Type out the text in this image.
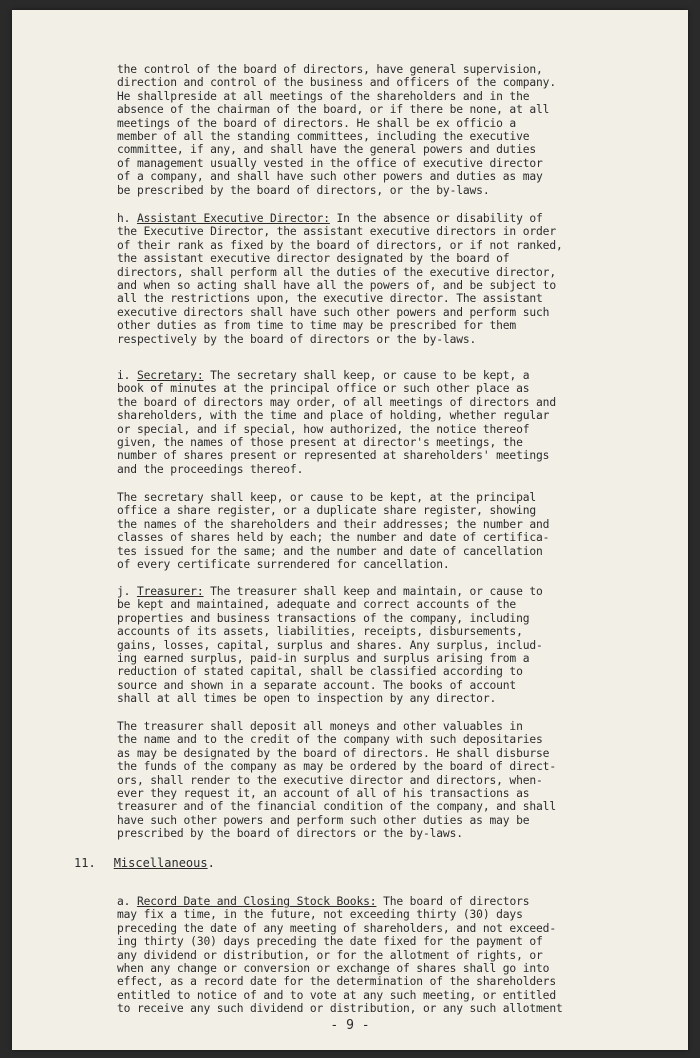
the control of the board of directors, have general supervision,
direction and control of the business and officers of the company.
He shallpreside at all meetings of the shareholders and in the
absence of the chairman of the board, or if there be none, at all
meetings of the board of directors. He shall be ex officio a
member of all the standing committees, including the executive
committee, if any, and shall have the general powers and duties
of management usually vested in the office of executive director
of a company, and shall have such other powers and duties as may
be prescribed by the board of directors, or the by-laws.
h. Assistant Executive Director: In the absence or disability of
the Executive Director, the assistant executive directors in order
of their rank as fixed by the board of directors, or if not ranked,
the assistant executive director designated by the board of
directors, shall perform all the duties of the executive director,
and when so acting shall have all the powers of, and be subject to
all the restrictions upon, the executive director. The assistant
executive directors shall have such other powers and perform such
other duties as from time to time may be prescribed for them
respectively by the board of directors or the by-laws.
i. Secretary: The secretary shall keep, or cause to be kept, a
book of minutes at the principal office or such other place as
the board of directors may order, of all meetings of directors and
shareholders, with the time and place of holding, whether regular
or special, and if special, how authorized, the notice thereof
given, the names of those present at director's meetings, the
number of shares present or represented at shareholders' meetings
and the proceedings thereof.
The secretary shall keep, or cause to be kept, at the principal
office a share register, or a duplicate share register, showing
the names of the shareholders and their addresses; the number and
classes of shares held by each; the number and date of certifica-
tes issued for the same; and the number and date of cancellation
of every certificate surrendered for cancellation.
j. Treasurer: The treasurer shall keep and maintain, or cause to
be kept and maintained, adequate and correct accounts of the
properties and business transactions of the company, including
accounts of its assets, liabilities, receipts, disbursements,
gains, losses, capital, surplus and shares. Any surplus, includ-
ing earned surplus, paid-in surplus and surplus arising from a
reduction of stated capital, shall be classified according to
source and shown in a separate account. The books of account
shall at all times be open to inspection by any director.
The treasurer shall deposit all moneys and other valuables in
the name and to the credit of the company with such depositaries
as may be designated by the board of directors. He shall disburse
the funds of the company as may be ordered by the board of direct-
ors, shall render to the executive director and directors, when-
ever they request it, an account of all of his transactions as
treasurer and of the financial condition of the company, and shall
have such other powers and perform such other duties as may be
prescribed by the board of directors or the by-laws.
11. Miscellaneous.
a. Record Date and Closing Stock Books: The board of directors
may fix a time, in the future, not exceeding thirty (30) days
preceding the date of any meeting of shareholders, and not exceed-
ing thirty (30) days preceding the date fixed for the payment of
any dividend or distribution, or for the allotment of rights, or
when any change or conversion or exchange of shares shall go into
effect, as a record date for the determination of the shareholders
entitled to notice of and to vote at any such meeting, or entitled
to receive any such dividend or distribution, or any such allotment
- 9 -
